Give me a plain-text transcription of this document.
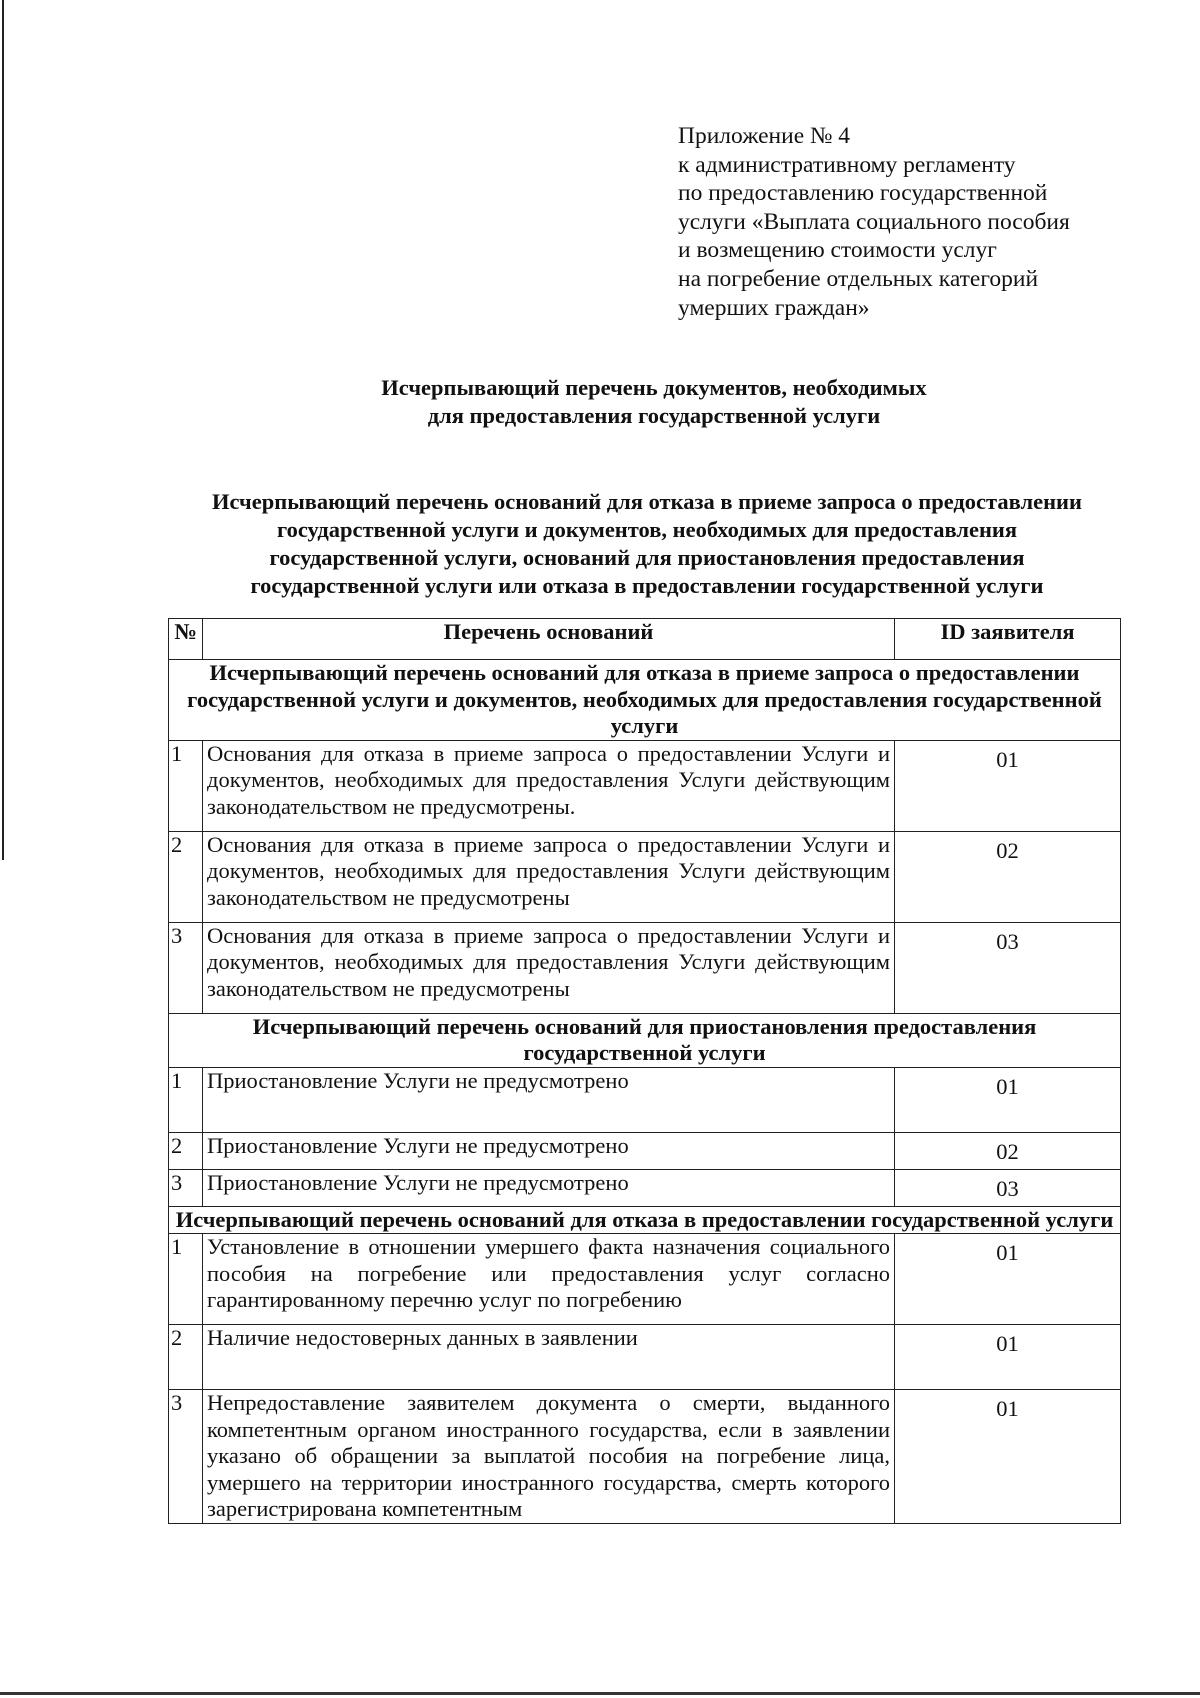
Приложение № 4
к административному регламенту
по предоставлению государственной
услуги «Выплата социального пособия
и возмещению стоимости услуг
на погребение отдельных категорий
умерших граждан»
Исчерпывающий перечень документов, необходимых
для предоставления государственной услуги
Исчерпывающий перечень оснований для отказа в приеме запроса о предоставлении
государственной услуги и документов, необходимых для предоставления
государственной услуги, оснований для приостановления предоставления
государственной услуги или отказа в предоставлении государственной услуги
№	Перечень оснований	ID заявителя
Исчерпывающий перечень оснований для отказа в приеме запроса о предоставлении государственной услуги и документов, необходимых для предоставления государственной услуги		
1	Основания для отказа в приеме запроса о предоставлении Услуги и документов, необходимых для предоставления Услуги действующим законодательством не предусмотрены.	01
2	Основания для отказа в приеме запроса о предоставлении Услуги и документов, необходимых для предоставления Услуги действующим законодательством не предусмотрены	02
3	Основания для отказа в приеме запроса о предоставлении Услуги и документов, необходимых для предоставления Услуги действующим законодательством не предусмотрены	03
Исчерпывающий перечень оснований для приостановления предоставления государственной услуги		
1	Приостановление Услуги не предусмотрено	01
2	Приостановление Услуги не предусмотрено	02
3	Приостановление Услуги не предусмотрено	03
Исчерпывающий перечень оснований для отказа в предоставлении государственной услуги		
1	Установление в отношении умершего факта назначения социального пособия на погребение или предоставления услуг согласно гарантированному перечню услуг по погребению	01
2	Наличие недостоверных данных в заявлении	01
3	Непредоставление заявителем документа о смерти, выданного компетентным органом иностранного государства, если в заявлении указано об обращении за выплатой пособия на погребение лица, умершего на территории иностранного государства, смерть которого зарегистрирована компетентным	01
